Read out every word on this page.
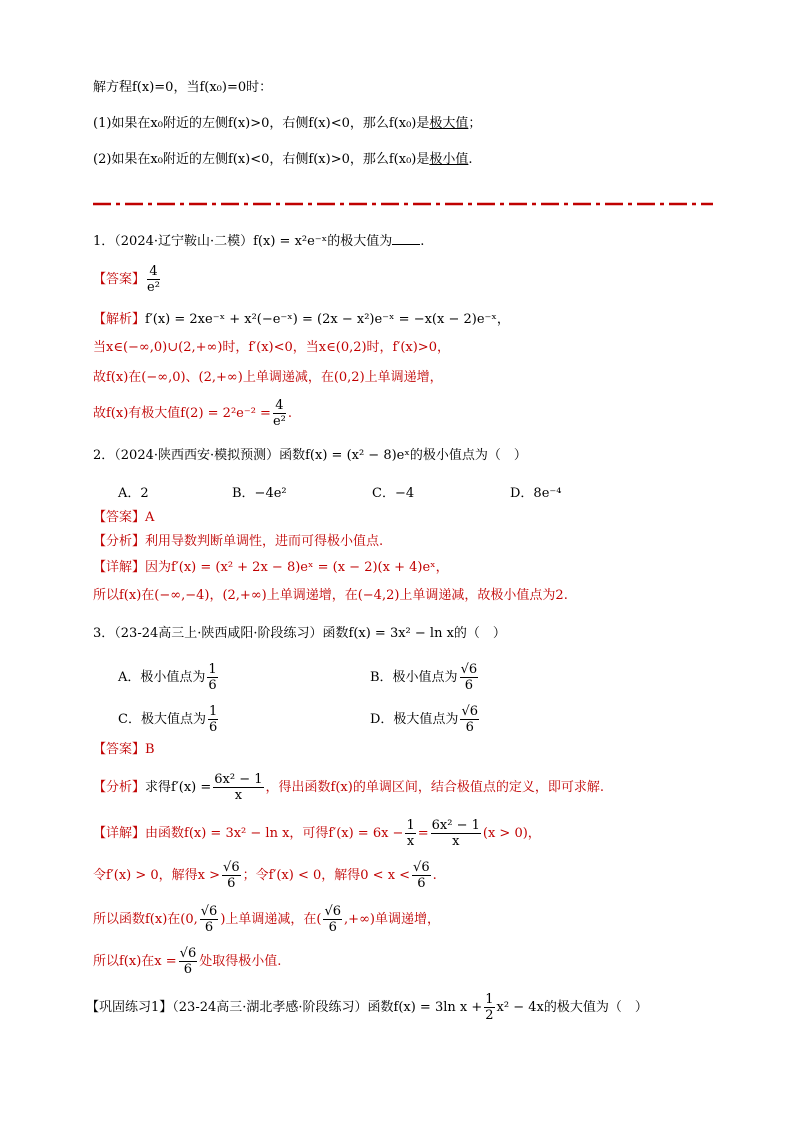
解方程f(x)=0，当f(x₀)=0时：
(1)如果在x₀附近的左侧f(x)>0，右侧f(x)<0，那么f(x₀)是极大值；
(2)如果在x₀附近的左侧f(x)<0，右侧f(x)>0，那么f(x₀)是极小值.
1．（2024·辽宁鞍山·二模）f(x) = x²e⁻ˣ的极大值为 .
【答案】 $\frac{4}{\text{e²}}$
【解析】f′(x) = 2xe⁻ˣ + x²(−e⁻ˣ) = (2x − x²)e⁻ˣ = −x(x − 2)e⁻ˣ，
当x∈(−∞,0)∪(2,+∞)时，f′(x)<0，当x∈(0,2)时，f′(x)>0，
故f(x)在(−∞,0)、(2,+∞)上单调递减，在(0,2)上单调递增，
故f(x)有极大值$f(2) = 2^2e^{-2} = \frac{4}{\text{e²}}$ .
2．（2024·陕西西安·模拟预测）函数f(x) = (x² − 8)eˣ的极小值点为（　）
A．2	B．−4e²	C．−4	D．8e⁻⁴
【答案】A
【分析】利用导数判断单调性，进而可得极小值点.
【详解】因为f′(x) = (x² + 2x − 8)eˣ = (x − 2)(x + 4)eˣ，
所以f(x)在(−∞,−4)，(2,+∞)上单调递增，在(−4,2)上单调递减，故极小值点为2.
3．（23-24高三上·陕西咸阳·阶段练习）函数f(x) = 3x² − ln x的（　）
A．极小值点为 $\frac{1}{6}$	B．极小值点为 $\frac{√6}{6}$
C．极大值点为 $\frac{1}{6}$	D．极大值点为 $\frac{√6}{6}$
【答案】B
【分析】求得$f'(x) = \frac{\text{6x² − 1}}{x}$ ，得出函数f(x)的单调区间，结合极值点的定义，即可求解.
【详解】由函数f(x) = 3x² − ln x，可得$f'(x) = 6x - \frac{1}{x} = \frac{\text{6x² − 1}}{x} (x > 0)$，
令f′(x) > 0，解得$x > \frac{√6}{6}$ ；令f′(x) < 0，解得$0 < x < \frac{√6}{6}$ .
所以函数f(x)在(0, $\frac{√6}{6}$ )上单调递减，在( $\frac{√6}{6}$ ,+∞)单调递增，
所以f(x)在$x = \frac{√6}{6}$ 处取得极小值.
【巩固练习1】（23-24高三·湖北孝感·阶段练习）函数f(x) = 3ln $x + \frac{1}{2} x^2 - 4x$的极大值为（　）
